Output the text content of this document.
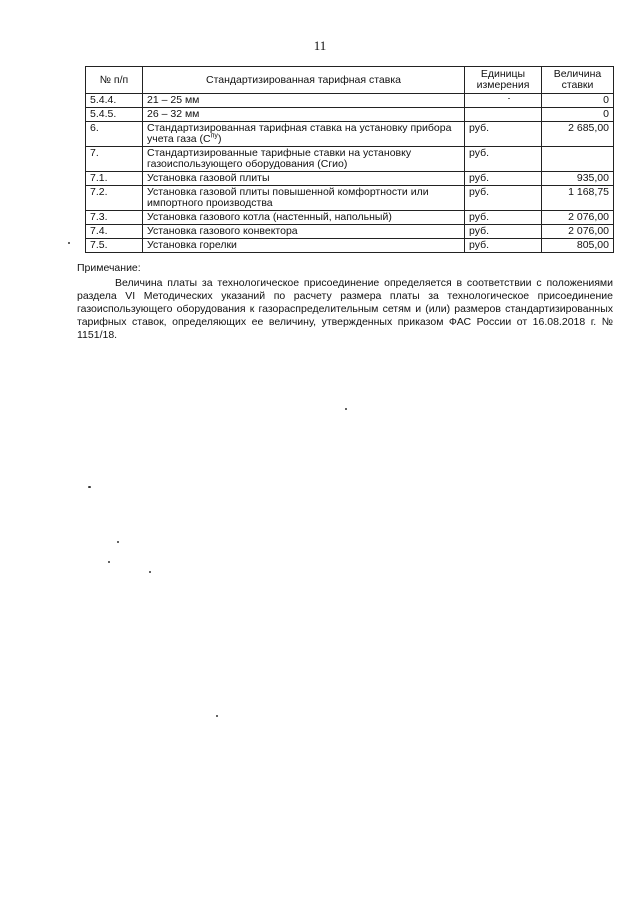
11
№ п/п	Стандартизированная тарифная ставка	Единицы измерения	Величина ставки
5.4.4.	21 – 25 мм		0
5.4.5.	26 – 32 мм		0
6.	Стандартизированная тарифная ставка на установку прибора учета газа $(С^{пу})$	руб.	2 685,00
7.	Стандартизированные тарифные ставки на установку газоиспользующего оборудования (Сгио)	руб.	
7.1.	Установка газовой плиты	руб.	935,00
7.2.	Установка газовой плиты повышенной комфортности или импортного производства	руб.	1 168,75
7.3.	Установка газового котла (настенный, напольный)	руб.	2 076,00
7.4.	Установка газового конвектора	руб.	2 076,00
7.5.	Установка горелки	руб.	805,00

Примечание:

Величина платы за технологическое присоединение определяется в соответствии с положениями раздела VI Методических указаний по расчету размера платы за технологическое присоединение газоиспользующего оборудования к газораспределительным сетям и (или) размеров стандартизированных тарифных ставок, определяющих ее величину, утвержденных приказом ФАС России от 16.08.2018 г. № 1151/18.
